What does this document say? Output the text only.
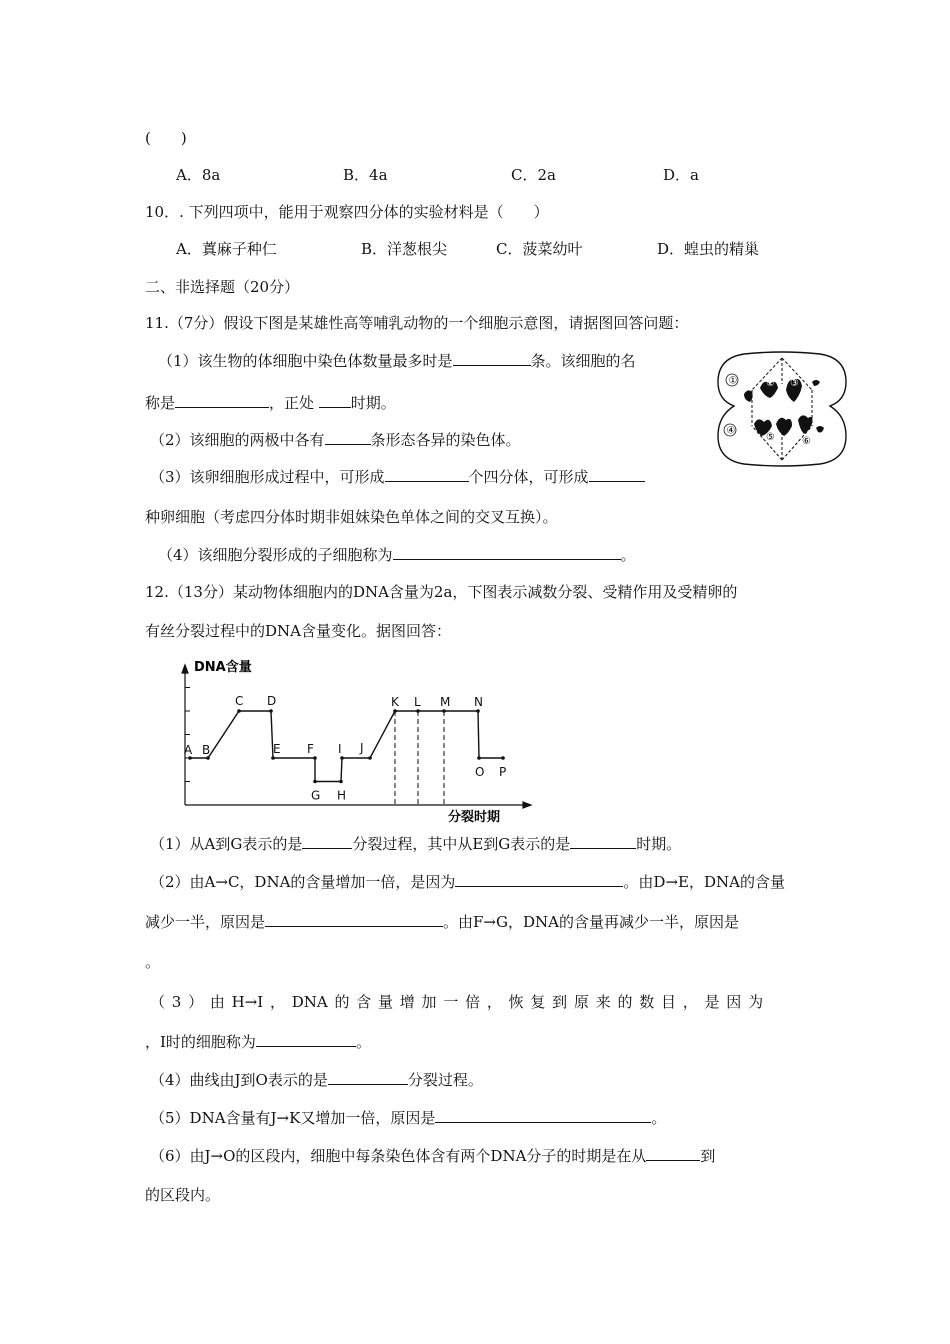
(　　)
A．8a	B．4a	C．2a	D．a
10．. 下列四项中，能用于观察四分体的实验材料是（　　）
A．蒖麻子种仁	B．洋葱根尖	C．菠菜幼叶	D．蝗虫的精巢
二、非选择题（20分）
11.（7分）假设下图是某雄性高等哺乳动物的一个细胞示意图，请据图回答问题：
（1）该生物的体细胞中染色体数量最多时是	条。该细胞的名
称是	，正处 时期。
（2）该细胞的两极中各有	条形态各异的染色体。
（3）该卵细胞形成过程中，可形成	个四分体，可形成
种卵细胞（考虑四分体时期非姐妹染色单体之间的交叉互换）。
（4）该细胞分裂形成的子细胞称为	。
①	② ③
④
⑤	⑥
12.（13分）某动物体细胞内的DNA含量为2a，下图表示减数分裂、受精作用及受精卵的
有丝分裂过程中的DNA含量变化。据图回答：
DNA含量
分裂时期
A B
C D
E F
G H
I J
K L M N
O P
（1）从A到G表示的是	分裂过程，其中从E到G表示的是	时期。
（2）由A→C，DNA的含量增加一倍，是因为	。由D→E，DNA的含量
减少一半，原因是	。由F→G，DNA的含量再减少一半，原因是
。
（ 3 ） 由 H→I ， DNA 的 含 量 增 加 一 倍 ， 恢 复 到 原 来 的 数 目 ， 是 因 为
，I时的细胞称为	。
（4）曲线由J到O表示的是	分裂过程。
（5）DNA含量有J→K又增加一倍，原因是	。
（6）由J→O的区段内，细胞中每条染色体含有两个DNA分子的时期是在从	到
的区段内。
